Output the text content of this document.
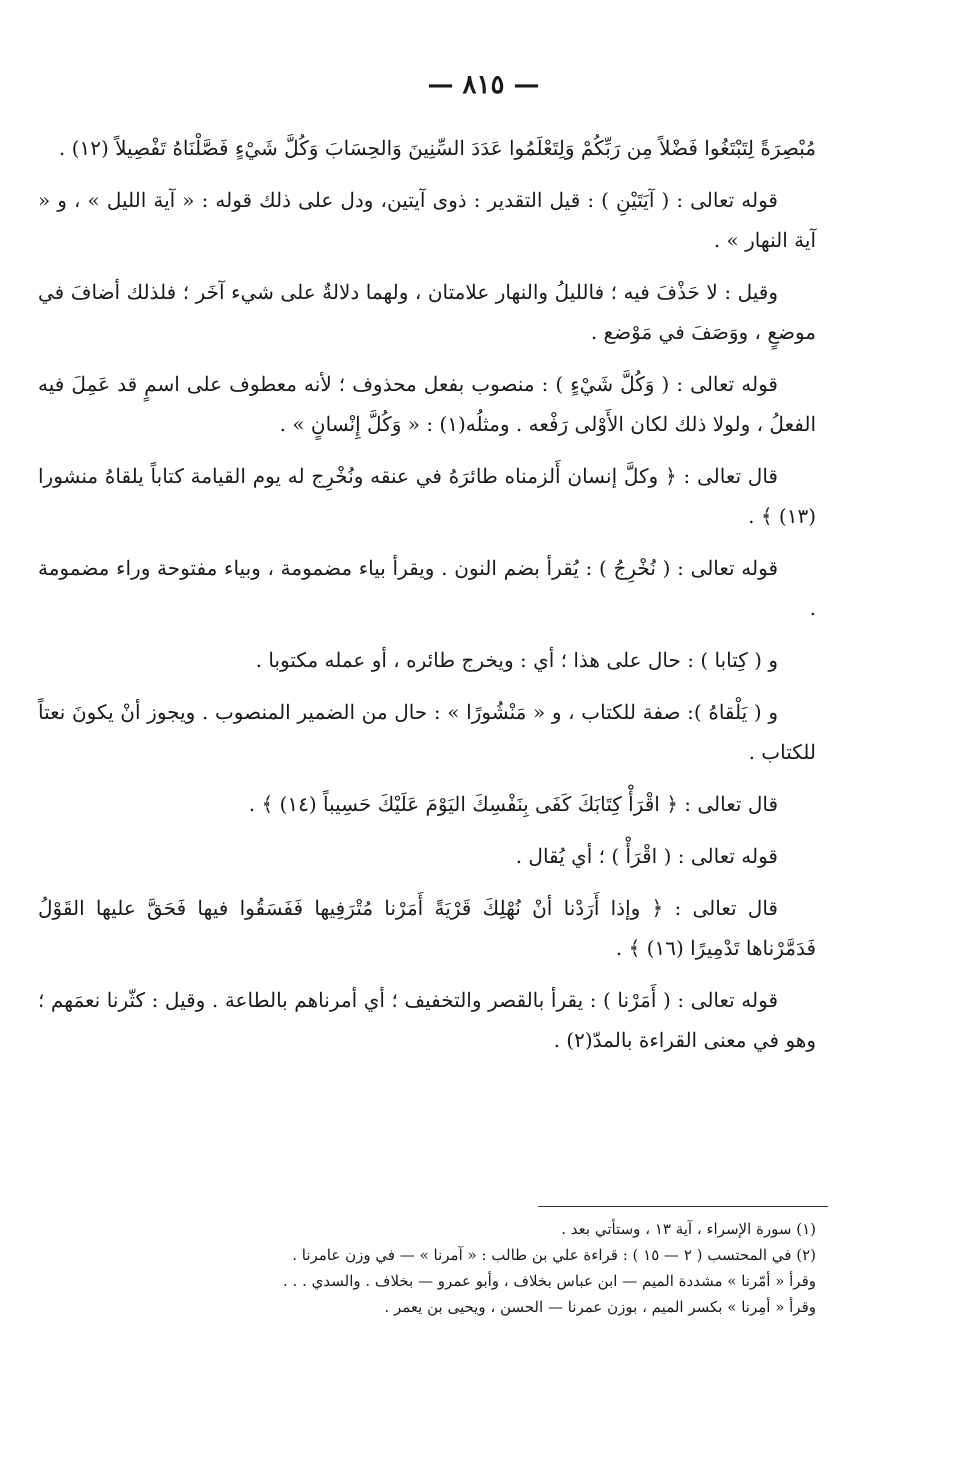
— ٨١٥ —

مُبْصِرَةً لِتَبْتَغُوا فَضْلاً مِن رَبِّكُمْ وَلِتَعْلَمُوا عَدَدَ السِّنِينَ وَالحِسَابَ وَكُلَّ شَيْءٍ فَصَّلْنَاهُ تَفْصِيلاً (١٢) .

قوله تعالى : ( آيَتَيْنِ ) : قيل التقدير : ذوى آيتين، ودل على ذلك قوله : « آية الليل » ، و « آية النهار » .

وقيل : لا حَذْفَ فيه ؛ فالليلُ والنهار علامتان ، ولهما دلالةٌ على شيء آخَر ؛ فلذلك أضافَ في موضعٍ ، ووَصَفَ في مَوْضع .

قوله تعالى : ( وَكُلَّ شَيْءٍ ) : منصوب بفعل محذوف ؛ لأنه معطوف على اسمٍ قد عَمِلَ فيه الفعلُ ، ولولا ذلك لكان الأَوْلى رَفْعه . ومثلُه(١) : « وَكُلَّ إِنْسانٍ » .

قال تعالى : ﴿ وكلَّ إنسان أَلزمناه طائرَهُ في عنقه ونُخْرِج له يوم القيامة كتاباً يلقاهُ منشورا (١٣) ﴾ .

قوله تعالى : ( نُخْرِجُ ) : يُقرأ بضم النون . ويقرأ بياء مضمومة ، وبياء مفتوحة وراء مضمومة .

و ( كِتابا ) : حال على هذا ؛ أي : ويخرج طائره ، أو عمله مكتوبا .

و ( يَلْقاهُ ): صفة للكتاب ، و « مَنْشُورًا » : حال من الضمير المنصوب . ويجوز أنْ يكونَ نعتاً للكتاب .

قال تعالى : ﴿ اقْرَأْ كِتَابَكَ كَفَى بِنَفْسِكَ اليَوْمَ عَلَيْكَ حَسِيباً (١٤) ﴾ .

قوله تعالى : ( اقْرَأْ ) ؛ أي يُقال .

قال تعالى : ﴿ وإذا أَرَدْنا أنْ نُهْلِكَ قَرْيَةً أَمَرْنا مُتْرَفِيها فَفَسَقُوا فيها فَحَقَّ عليها القَوْلُ فَدَمَّرْناها تَدْمِيرًا (١٦) ﴾ .

قوله تعالى : ( أَمَرْنا ) : يقرأ بالقصر والتخفيف ؛ أي أمرناهم بالطاعة . وقيل : كثّرنا نعمَهم ؛ وهو في معنى القراءة بالمدّ(٢) .

(١) سورة الإسراء ، آية ١٣ ، وستأتي بعد .

(٢) في المحتسب ( ٢ — ١٥ ) : قراءة علي بن طالب : « آمرنا » — في وزن عامرنا .

وقرأ « أمّرنا » مشددة الميم — ابن عباس بخلاف ، وأبو عمرو — بخلاف . والسدي . . .

وقرأ « أمِرنا » بكسر الميم ، بوزن عمرنا — الحسن ، ويحيى بن يعمر .
